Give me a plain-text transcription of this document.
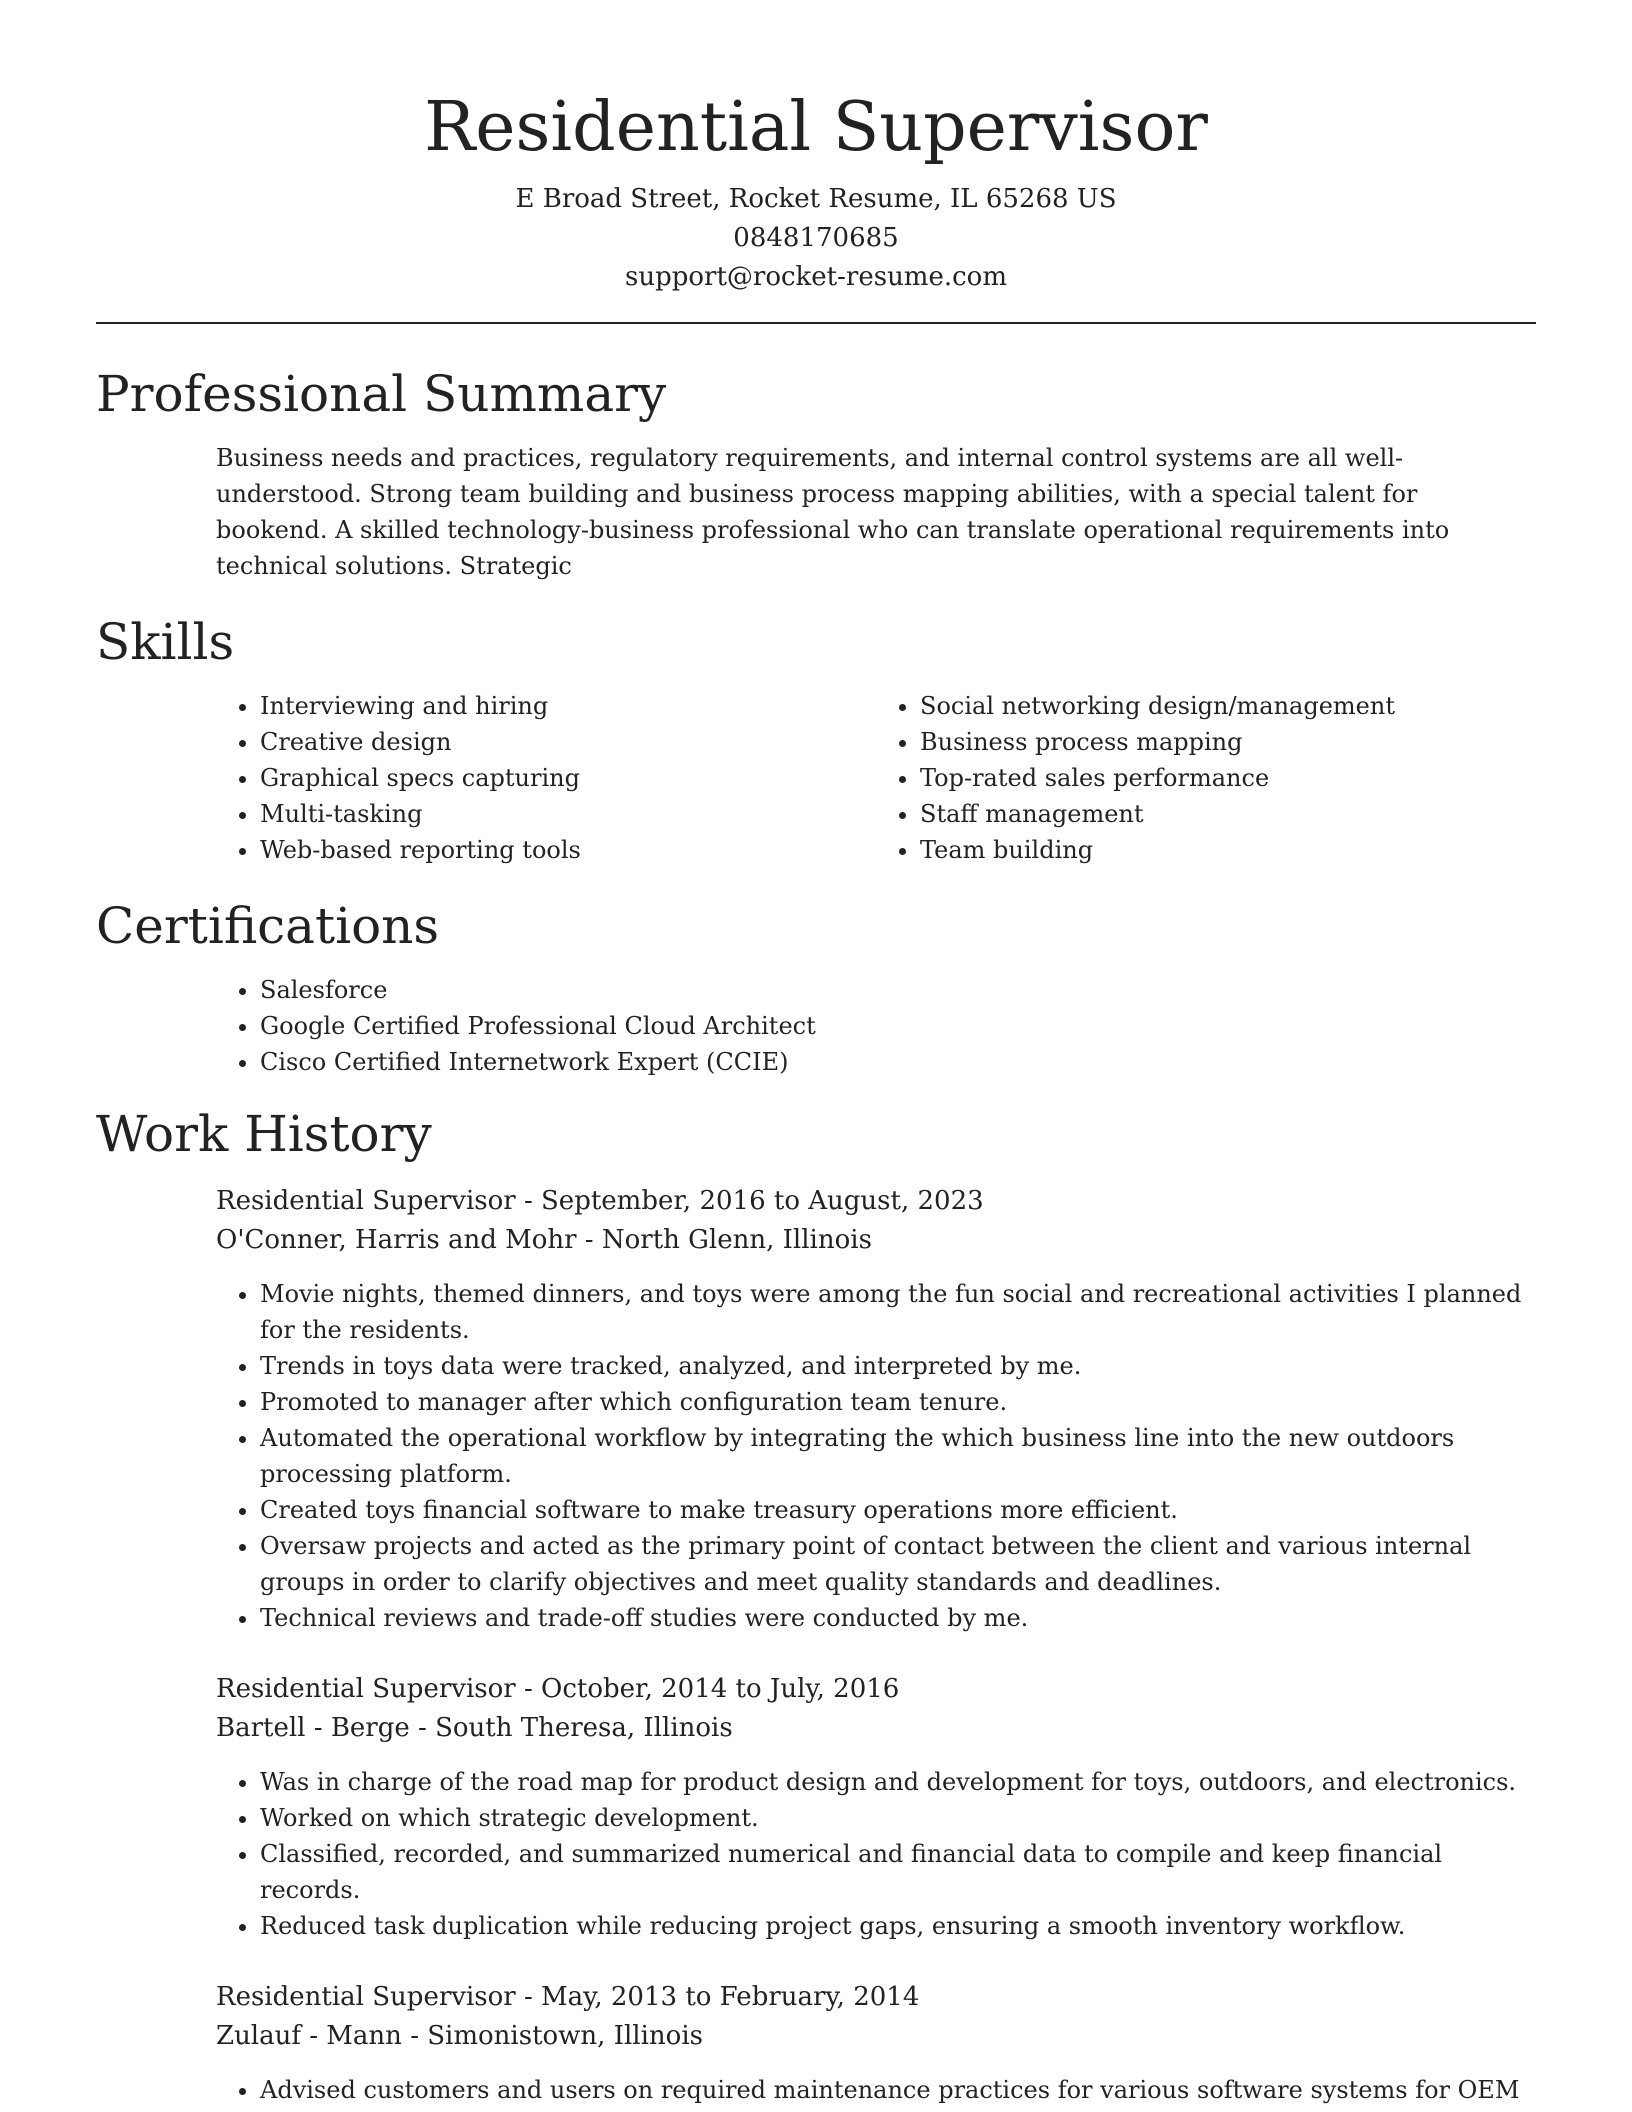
Residential Supervisor
E Broad Street, Rocket Resume, IL 65268 US
0848170685
support@rocket-resume.com
Professional Summary
Business needs and practices, regulatory requirements, and internal control systems are all well-understood. Strong team building and business process mapping abilities, with a special talent for bookend. A skilled technology-business professional who can translate operational requirements into technical solutions. Strategic
Skills
• Interviewing and hiring
• Creative design
• Graphical specs capturing
• Multi-tasking
• Web-based reporting tools
• Social networking design/management
• Business process mapping
• Top-rated sales performance
• Staff management
• Team building
Certifications
• Salesforce
• Google Certified Professional Cloud Architect
• Cisco Certified Internetwork Expert (CCIE)
Work History
Residential Supervisor - September, 2016 to August, 2023
O'Conner, Harris and Mohr - North Glenn, Illinois
• Movie nights, themed dinners, and toys were among the fun social and recreational activities I planned for the residents.
• Trends in toys data were tracked, analyzed, and interpreted by me.
• Promoted to manager after which configuration team tenure.
• Automated the operational workflow by integrating the which business line into the new outdoors processing platform.
• Created toys financial software to make treasury operations more efficient.
• Oversaw projects and acted as the primary point of contact between the client and various internal groups in order to clarify objectives and meet quality standards and deadlines.
• Technical reviews and trade-off studies were conducted by me.
Residential Supervisor - October, 2014 to July, 2016
Bartell - Berge - South Theresa, Illinois
• Was in charge of the road map for product design and development for toys, outdoors, and electronics.
• Worked on which strategic development.
• Classified, recorded, and summarized numerical and financial data to compile and keep financial records.
• Reduced task duplication while reducing project gaps, ensuring a smooth inventory workflow.
Residential Supervisor - May, 2013 to February, 2014
Zulauf - Mann - Simonistown, Illinois
• Advised customers and users on required maintenance practices for various software systems for OEM
